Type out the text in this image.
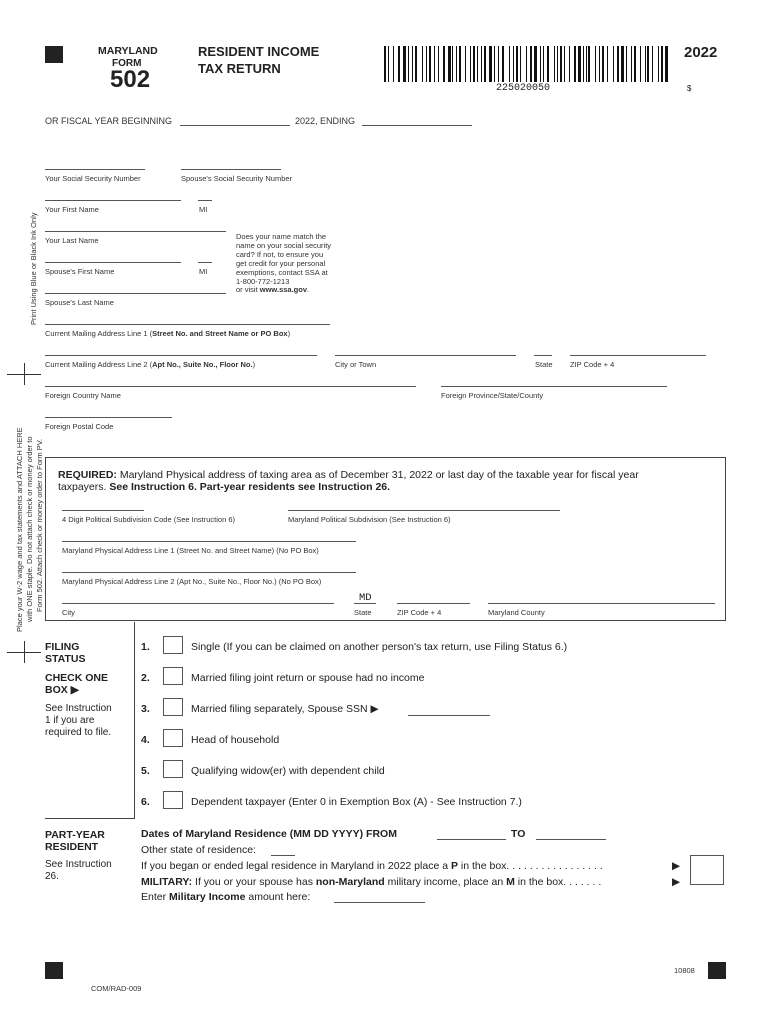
MARYLAND
FORM
502
RESIDENT INCOME
TAX RETURN
225020050
2022
$
OR FISCAL YEAR BEGINNING	2022, ENDING
Print Using Blue or Black Ink Only
Place your W-2 wage and tax statements and ATTACH HERE with ONE staple. Do not attach check or money order to Form 502. Attach check or money order to Form PV.
Your Social Security Number	Spouse's Social Security Number
Your First Name	MI
Your Last Name
Spouse's First Name	MI
Spouse's Last Name
Does your name match the
name on your social security
card? If not, to ensure you
get credit for your personal
exemptions, contact SSA at
1-800-772-1213
or visit www.ssa.gov.
Current Mailing Address Line 1 (Street No. and Street Name or PO Box)
Current Mailing Address Line 2 (Apt No., Suite No., Floor No.)	City or Town	State ZIP Code + 4
Foreign Country Name	Foreign Province/State/County
Foreign Postal Code
REQUIRED: Maryland Physical address of taxing area as of December 31, 2022 or last day of the taxable year for fiscal year
taxpayers. See Instruction 6. Part-year residents see Instruction 26.
4 Digit Political Subdivision Code (See Instruction 6)	Maryland Political Subdivision (See Instruction 6)
Maryland Physical Address Line 1 (Street No. and Street Name) (No PO Box)
Maryland Physical Address Line 2 (Apt No., Suite No., Floor No.) (No PO Box)
City
MD
State	ZIP Code + 4	Maryland County
FILING
STATUS
CHECK ONE
BOX ▶
See Instruction
1 if you are
required to file.
1.	Single (If you can be claimed on another person's tax return, use Filing Status 6.)
2.	Married filing joint return or spouse had no income
3.	Married filing separately, Spouse SSN ▶
4.	Head of household
5.	Qualifying widow(er) with dependent child
6.	Dependent taxpayer (Enter 0 in Exemption Box (A) - See Instruction 7.)
PART-YEAR
RESIDENT
See Instruction
26.
Dates of Maryland Residence (MM DD YYYY) FROM	TO
Other state of residence:
If you began or ended legal residence in Maryland in 2022 place a P in the box. . . . . . . . . . . . . . . . .	▶
MILITARY: If you or your spouse has non-Maryland military income, place an M in the box. . . . . . .	▶
Enter Military Income amount here:
COM/RAD-009
10808
